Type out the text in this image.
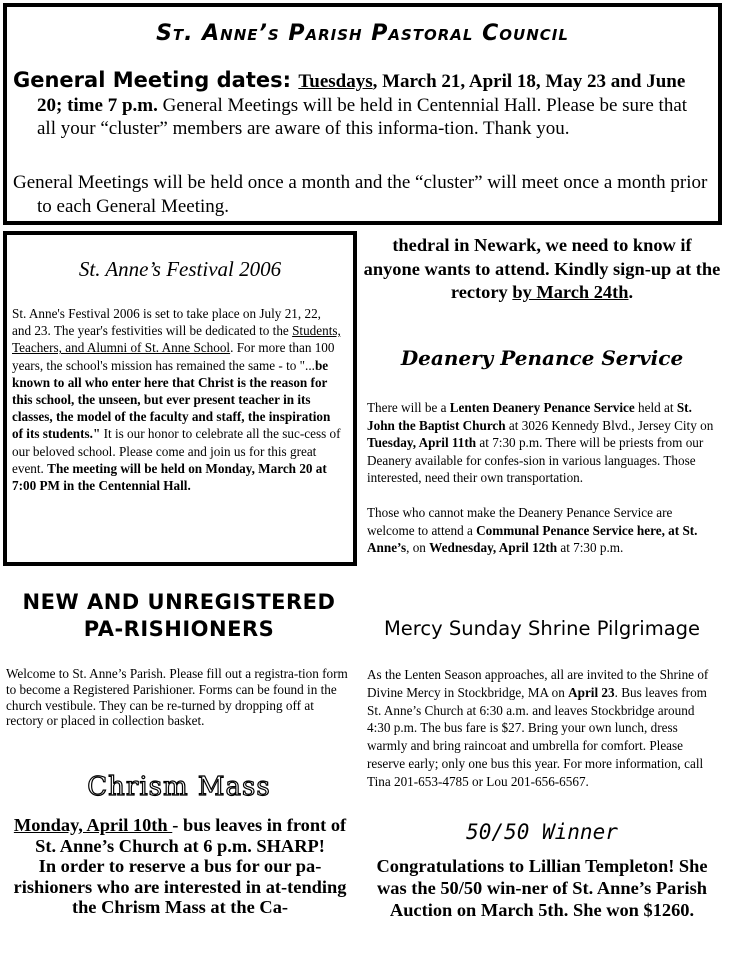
St. Anne’s Parish Pastoral Council
General Meeting dates: Tuesdays, March 21, April 18, May 23 and June 20; time 7 p.m. General Meetings will be held in Centennial Hall. Please be sure that all your “cluster” members are aware of this informa-tion. Thank you.
General Meetings will be held once a month and the “cluster” will meet once a month prior to each General Meeting.
St. Anne’s Festival 2006
St. Anne's Festival 2006 is set to take place on July 21, 22, and 23. The year's festivities will be dedicated to the Students, Teachers, and Alumni of St. Anne School. For more than 100 years, the school's mission has remained the same - to "...be known to all who enter here that Christ is the reason for this school, the unseen, but ever present teacher in its classes, the model of the faculty and staff, the inspiration of its students." It is our honor to celebrate all the suc-cess of our beloved school. Please come and join us for this great event. The meeting will be held on Monday, March 20 at 7:00 PM in the Centennial Hall.
NEW AND UNREGISTERED PA-RISHIONERS
Welcome to St. Anne’s Parish. Please fill out a registra-tion form to become a Registered Parishioner. Forms can be found in the church vestibule. They can be re-turned by dropping off at rectory or placed in collection basket.
Chrism Mass
Monday, April 10th - bus leaves in front of St. Anne’s Church at 6 p.m. SHARP!
In order to reserve a bus for our pa-rishioners who are interested in at-tending the Chrism Mass at the Ca-
thedral in Newark, we need to know if anyone wants to attend. Kindly sign-up at the rectory by March 24th.
Deanery Penance Service

There will be a Lenten Deanery Penance Service held at St. John the Baptist Church at 3026 Kennedy Blvd., Jersey City on Tuesday, April 11th at 7:30 p.m. There will be priests from our Deanery available for confes-sion in various languages. Those interested, need their own transportation.

Those who cannot make the Deanery Penance Service are welcome to attend a Communal Penance Service here, at St. Anne’s, on Wednesday, April 12th at 7:30 p.m.

Mercy Sunday Shrine Pilgrimage
As the Lenten Season approaches, all are invited to the Shrine of Divine Mercy in Stockbridge, MA on April 23. Bus leaves from St. Anne’s Church at 6:30 a.m. and leaves Stockbridge around 4:30 p.m. The bus fare is $27. Bring your own lunch, dress warmly and bring raincoat and umbrella for comfort. Please reserve early; only one bus this year. For more information, call Tina 201-653-4785 or Lou 201-656-6567.
50/50 Winner
Congratulations to Lillian Templeton! She was the 50/50 win-ner of St. Anne’s Parish Auction on March 5th. She won $1260.
